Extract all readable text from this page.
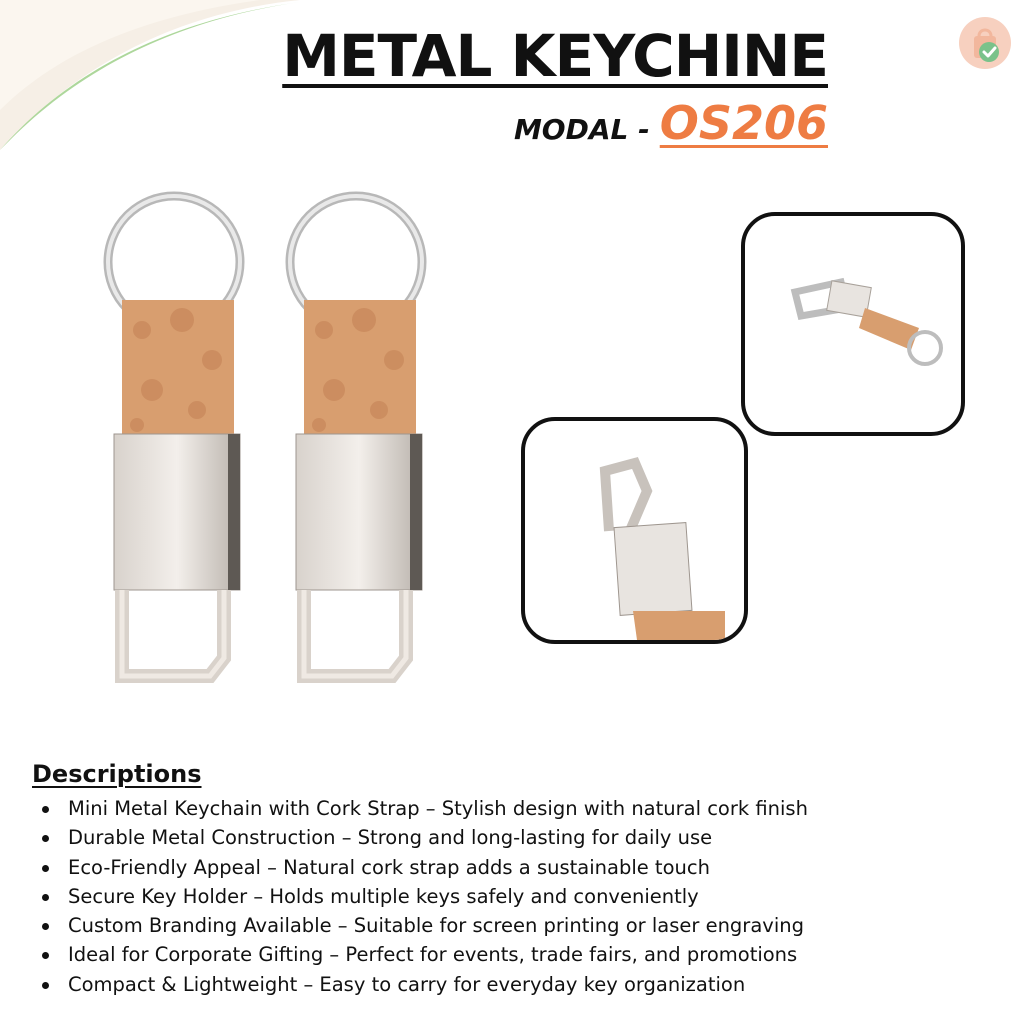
METAL KEYCHINE
MODAL - OS206
Descriptions
Mini Metal Keychain with Cork Strap – Stylish design with natural cork finish
Durable Metal Construction – Strong and long-lasting for daily use
Eco-Friendly Appeal – Natural cork strap adds a sustainable touch
Secure Key Holder – Holds multiple keys safely and conveniently
Custom Branding Available – Suitable for screen printing or laser engraving
Ideal for Corporate Gifting – Perfect for events, trade fairs, and promotions
Compact & Lightweight – Easy to carry for everyday key organization
